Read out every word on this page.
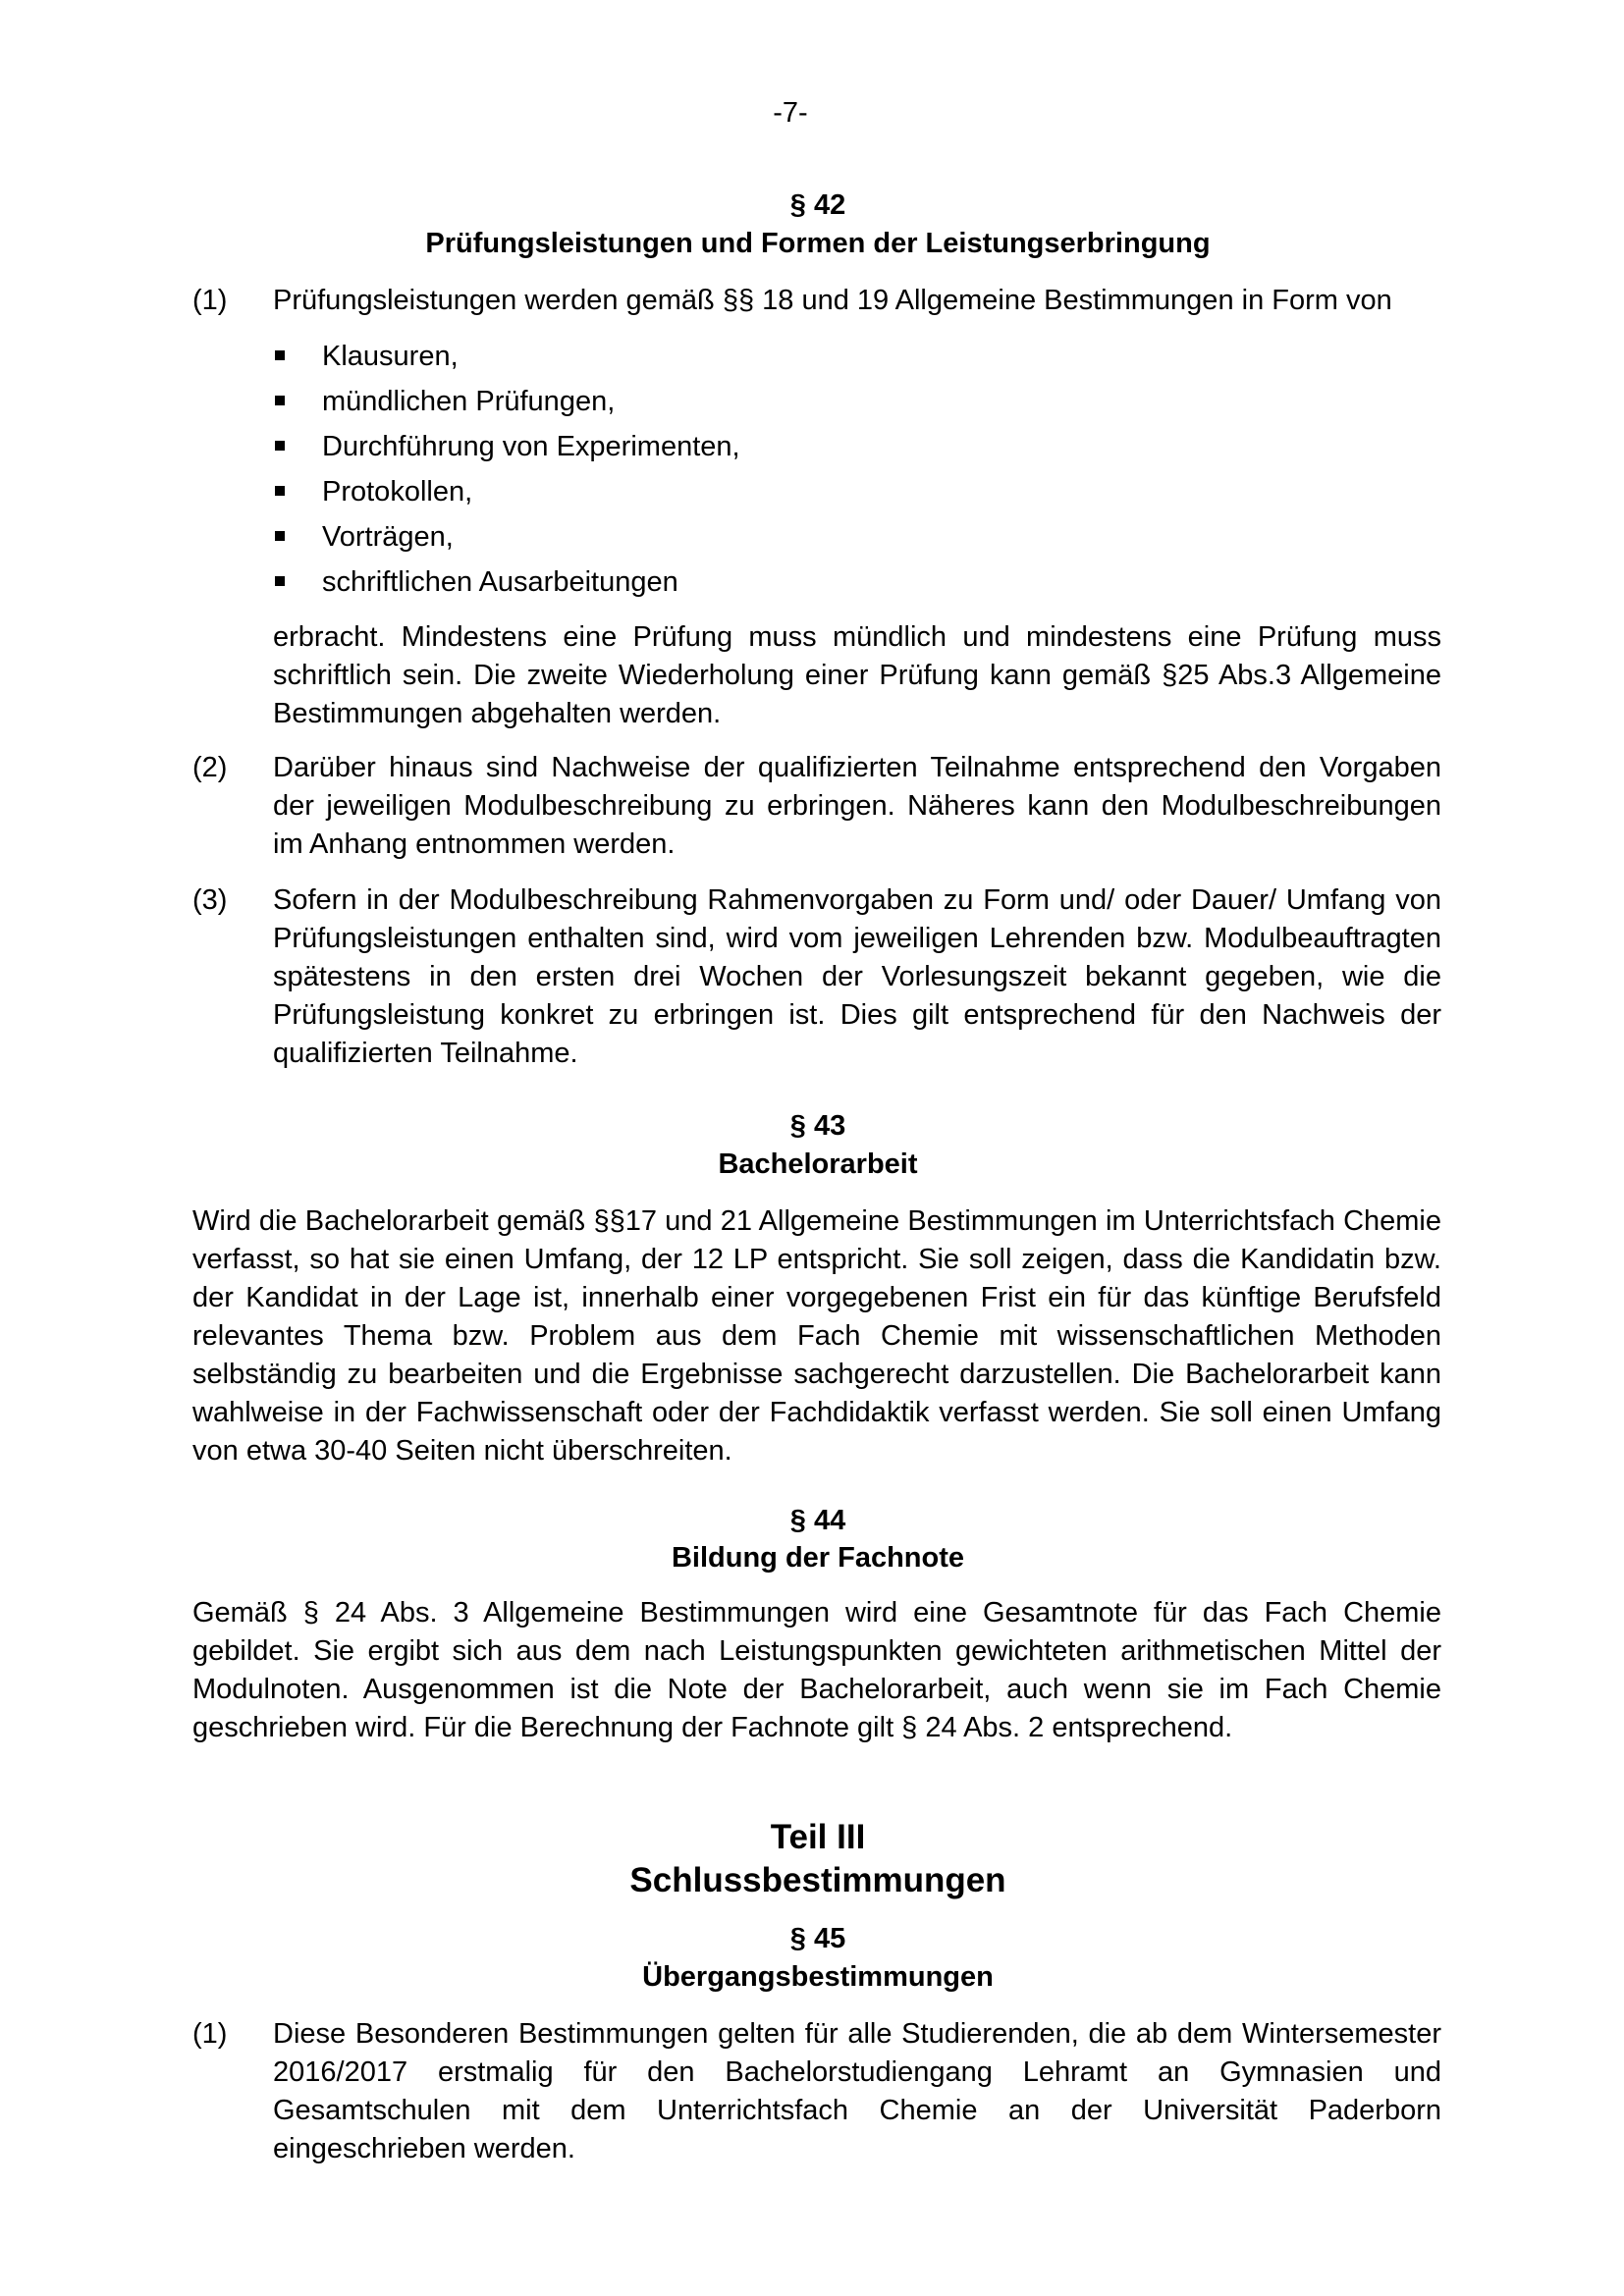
-7-
§ 42
Prüfungsleistungen und Formen der Leistungserbringung
(1)	Prüfungsleistungen werden gemäß §§ 18 und 19 Allgemeine Bestimmungen in Form von
Klausuren,
mündlichen Prüfungen,
Durchführung von Experimenten,
Protokollen,
Vorträgen,
schriftlichen Ausarbeitungen
erbracht. Mindestens eine Prüfung muss mündlich und mindestens eine Prüfung muss schriftlich sein. Die zweite Wiederholung einer Prüfung kann gemäß §25 Abs.3 Allgemeine Bestimmungen abgehalten werden.
(2)	Darüber hinaus sind Nachweise der qualifizierten Teilnahme entsprechend den Vorgaben der jeweiligen Modulbeschreibung zu erbringen. Näheres kann den Modulbeschreibungen im Anhang entnommen werden.
(3)	Sofern in der Modulbeschreibung Rahmenvorgaben zu Form und/ oder Dauer/ Umfang von Prüfungsleistungen enthalten sind, wird vom jeweiligen Lehrenden bzw. Modulbeauftragten spätestens in den ersten drei Wochen der Vorlesungszeit bekannt gegeben, wie die Prüfungsleistung konkret zu erbringen ist. Dies gilt entsprechend für den Nachweis der qualifizierten Teilnahme.
§ 43
Bachelorarbeit
Wird die Bachelorarbeit gemäß §§17 und 21 Allgemeine Bestimmungen im Unterrichtsfach Chemie verfasst, so hat sie einen Umfang, der 12 LP entspricht. Sie soll zeigen, dass die Kandidatin bzw. der Kandidat in der Lage ist, innerhalb einer vorgegebenen Frist ein für das künftige Berufsfeld relevantes Thema bzw. Problem aus dem Fach Chemie mit wissenschaftlichen Methoden selbständig zu bearbeiten und die Ergebnisse sachgerecht darzustellen. Die Bachelorarbeit kann wahlweise in der Fachwissenschaft oder der Fachdidaktik verfasst werden. Sie soll einen Umfang von etwa 30-40 Seiten nicht überschreiten.
§ 44
Bildung der Fachnote
Gemäß § 24 Abs. 3 Allgemeine Bestimmungen wird eine Gesamtnote für das Fach Chemie gebildet. Sie ergibt sich aus dem nach Leistungspunkten gewichteten arithmetischen Mittel der Modulnoten. Ausgenommen ist die Note der Bachelorarbeit, auch wenn sie im Fach Chemie geschrieben wird. Für die Berechnung der Fachnote gilt § 24 Abs. 2 entsprechend.
Teil III
Schlussbestimmungen
§ 45
Übergangsbestimmungen
(1)	Diese Besonderen Bestimmungen gelten für alle Studierenden, die ab dem Wintersemester 2016/2017 erstmalig für den Bachelorstudiengang Lehramt an Gymnasien und Gesamtschulen mit dem Unterrichtsfach Chemie an der Universität Paderborn eingeschrieben werden.
